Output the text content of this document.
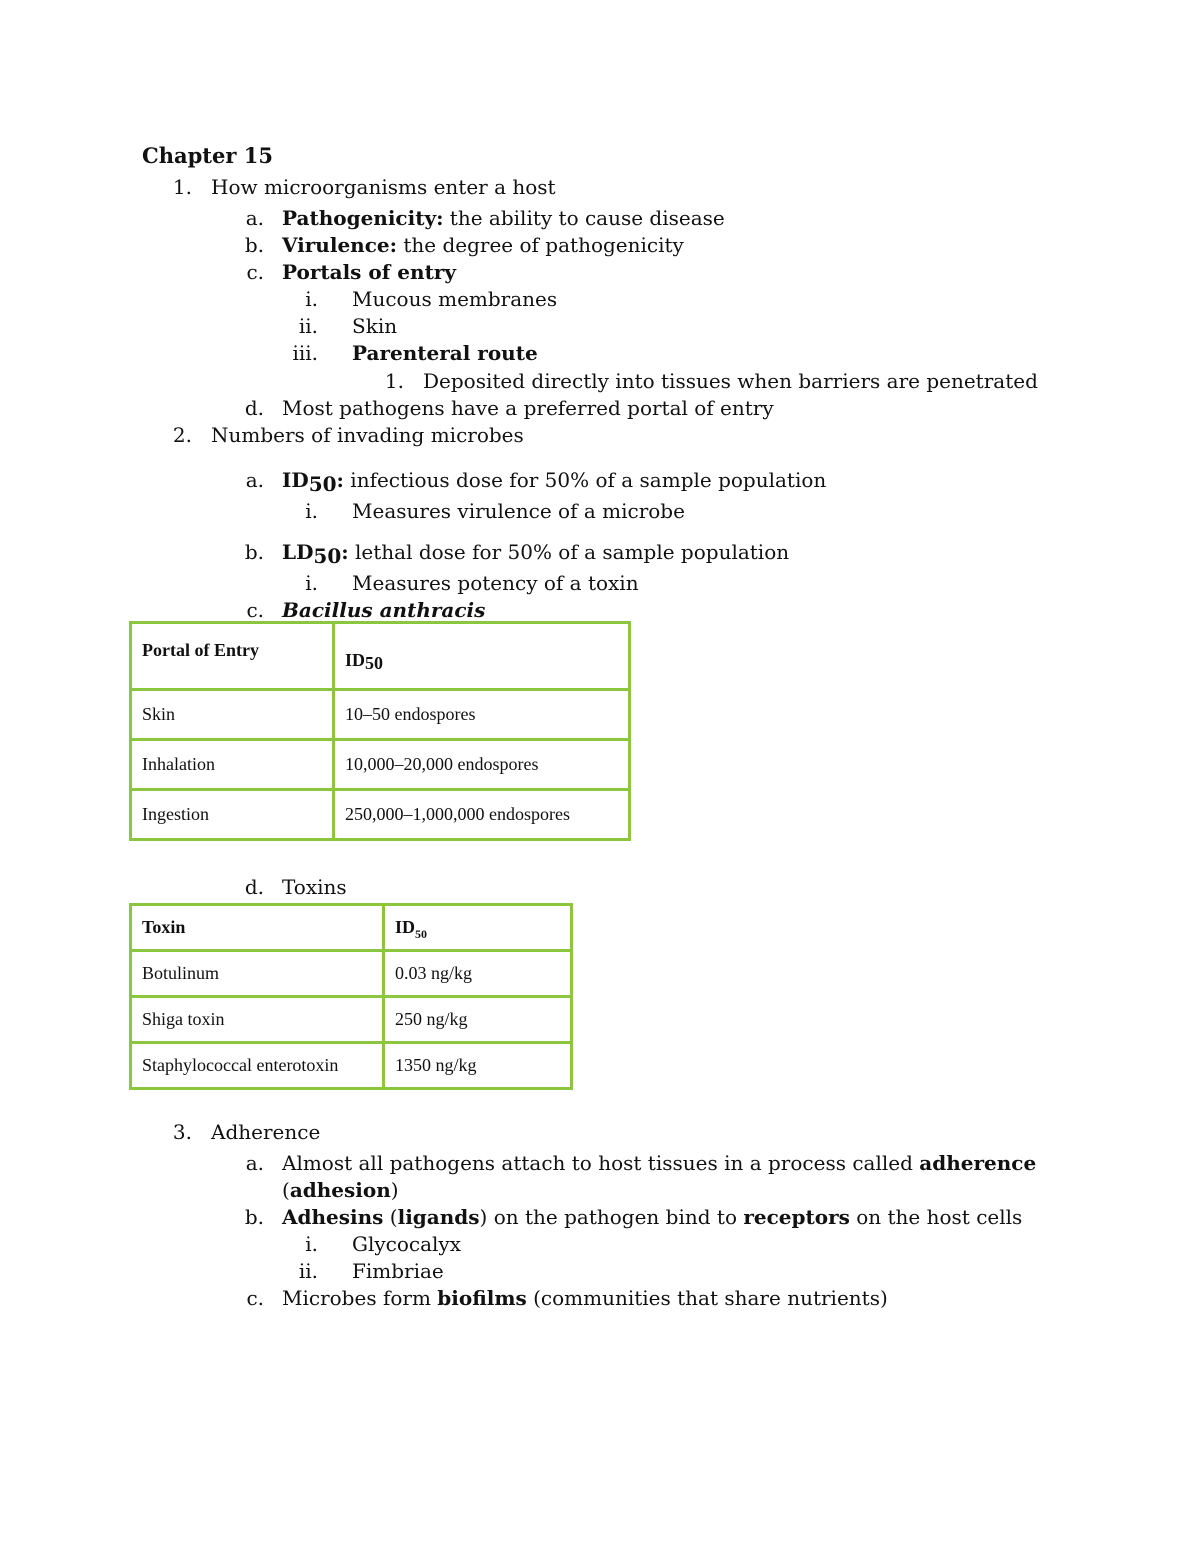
Chapter 15
1. How microorganisms enter a host
a. Pathogenicity: the ability to cause disease
b. Virulence: the degree of pathogenicity
c. Portals of entry
i. Mucous membranes
ii. Skin
iii. Parenteral route
1. Deposited directly into tissues when barriers are penetrated
d. Most pathogens have a preferred portal of entry
2. Numbers of invading microbes
a. ID50: infectious dose for 50% of a sample population
i. Measures virulence of a microbe
b. LD50: lethal dose for 50% of a sample population
i. Measures potency of a toxin
c. Bacillus anthracis
Portal of Entry	ID50
Skin	10–50 endospores
Inhalation	10,000–20,000 endospores
Ingestion	250,000–1,000,000 endospores
d. Toxins
Toxin	$ID_{50}$
Botulinum	0.03 ng/kg
Shiga toxin	250 ng/kg
Staphylococcal enterotoxin	1350 ng/kg
3. Adherence
a. Almost all pathogens attach to host tissues in a process called adherence
(adhesion)
b. Adhesins (ligands) on the pathogen bind to receptors on the host cells
i. Glycocalyx
ii. Fimbriae
c. Microbes form biofilms (communities that share nutrients)
